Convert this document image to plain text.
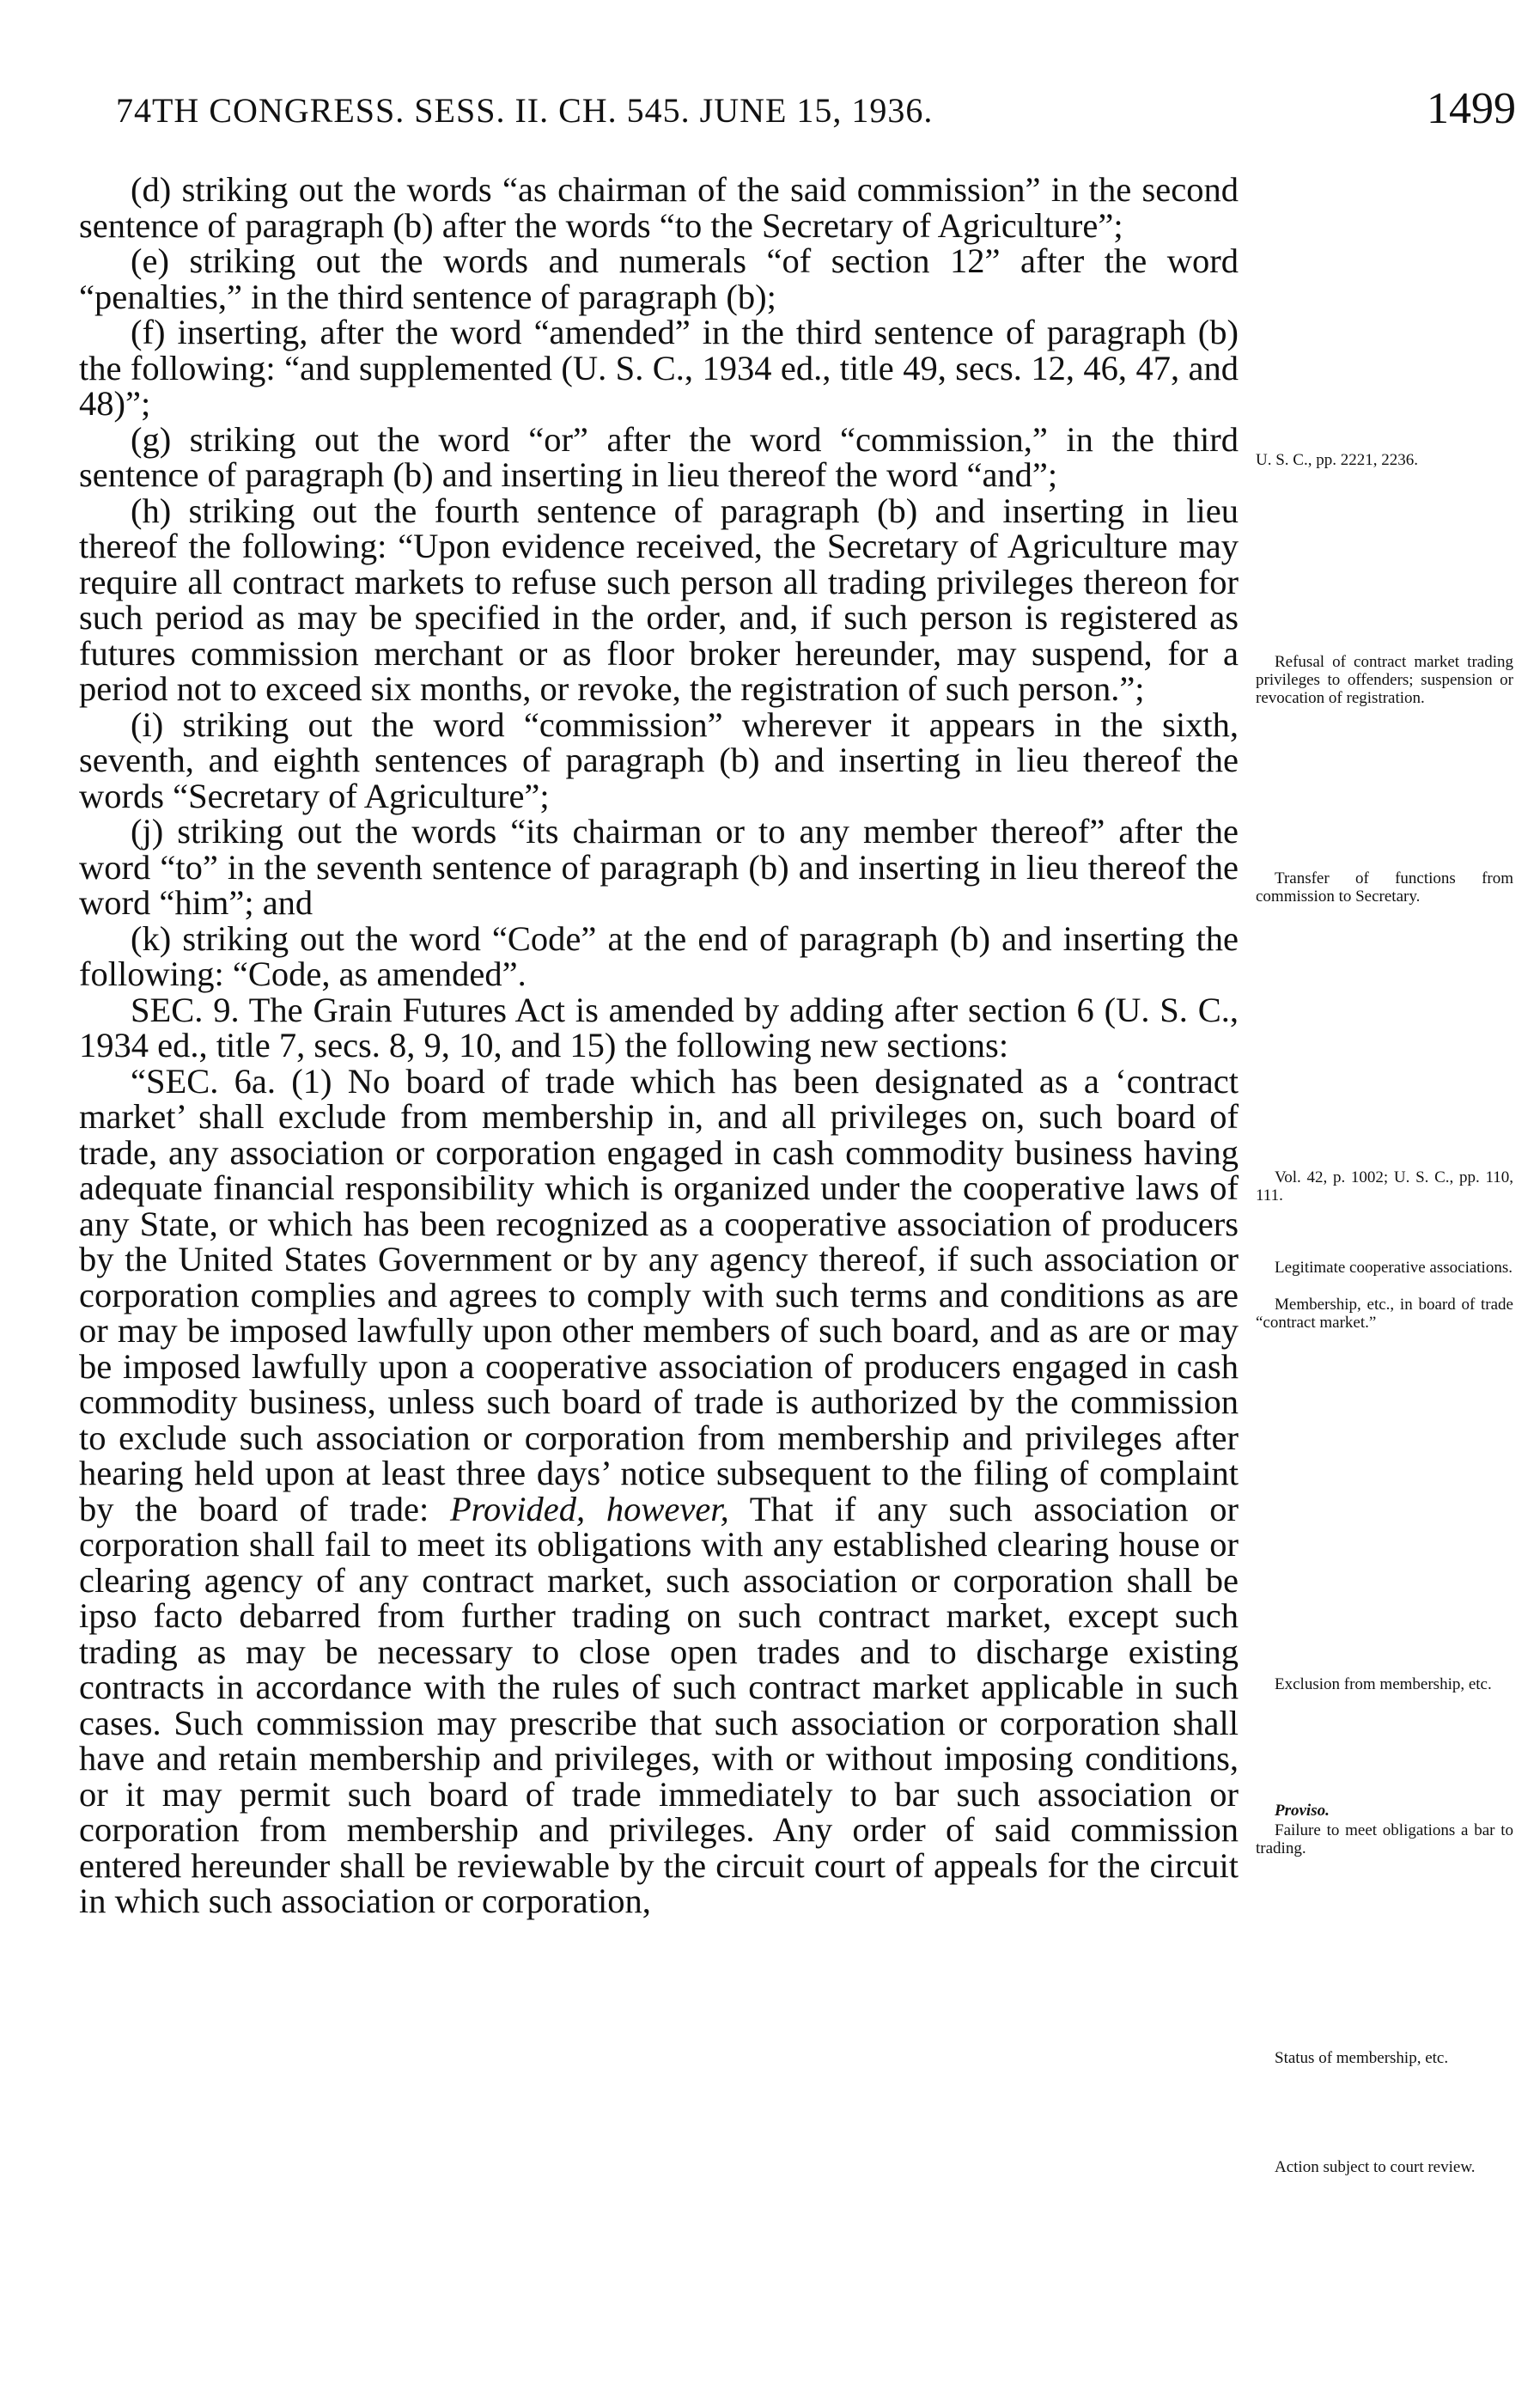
74TH CONGRESS. SESS. II. CH. 545. JUNE 15, 1936.	1499

(d) striking out the words “as chairman of the said commission” in the second sentence of paragraph (b) after the words “to the Secretary of Agriculture”;

(e) striking out the words and numerals “of section 12” after the word “penalties,” in the third sentence of paragraph (b);

(f) inserting, after the word “amended” in the third sentence of paragraph (b) the following: “and supplemented (U. S. C., 1934 ed., title 49, secs. 12, 46, 47, and 48)”;

(g) striking out the word “or” after the word “commission,” in the third sentence of paragraph (b) and inserting in lieu thereof the word “and”;

(h) striking out the fourth sentence of paragraph (b) and inserting in lieu thereof the following: “Upon evidence received, the Secretary of Agriculture may require all contract markets to refuse such person all trading privileges thereon for such period as may be specified in the order, and, if such person is registered as futures commission merchant or as floor broker hereunder, may suspend, for a period not to exceed six months, or revoke, the registration of such person.”;

(i) striking out the word “commission” wherever it appears in the sixth, seventh, and eighth sentences of paragraph (b) and inserting in lieu thereof the words “Secretary of Agriculture”;

(j) striking out the words “its chairman or to any member thereof” after the word “to” in the seventh sentence of paragraph (b) and inserting in lieu thereof the word “him”; and

(k) striking out the word “Code” at the end of paragraph (b) and inserting the following: “Code, as amended”.

SEC. 9. The Grain Futures Act is amended by adding after section 6 (U. S. C., 1934 ed., title 7, secs. 8, 9, 10, and 15) the following new sections:

“SEC. 6a. (1) No board of trade which has been designated as a ‘contract market’ shall exclude from membership in, and all privileges on, such board of trade, any association or corporation engaged in cash commodity business having adequate financial responsibility which is organized under the cooperative laws of any State, or which has been recognized as a cooperative association of producers by the United States Government or by any agency thereof, if such association or corporation complies and agrees to comply with such terms and conditions as are or may be imposed lawfully upon other members of such board, and as are or may be imposed lawfully upon a cooperative association of producers engaged in cash commodity business, unless such board of trade is authorized by the commission to exclude such association or corporation from membership and privileges after hearing held upon at least three days’ notice subsequent to the filing of complaint by the board of trade: Provided, however, That if any such association or corporation shall fail to meet its obligations with any established clearing house or clearing agency of any contract market, such association or corporation shall be ipso facto debarred from further trading on such contract market, except such trading as may be necessary to close open trades and to discharge existing contracts in accordance with the rules of such contract market applicable in such cases. Such commission may prescribe that such association or corporation shall have and retain membership and privileges, with or without imposing conditions, or it may permit such board of trade immediately to bar such association or corporation from membership and privileges. Any order of said commission entered hereunder shall be reviewable by the circuit court of appeals for the circuit in which such association or corporation,

U. S. C., pp. 2221, 2236.
Refusal of contract market trading privileges to offenders; suspension or revocation of registration.
Transfer of functions from commission to Secretary.
Vol. 42, p. 1002; U. S. C., pp. 110, 111.
Legitimate cooperative associations.
Membership, etc., in board of trade “contract market.”
Exclusion from membership, etc.
Proviso.
Failure to meet obligations a bar to trading.
Status of membership, etc.
Action subject to court review.
